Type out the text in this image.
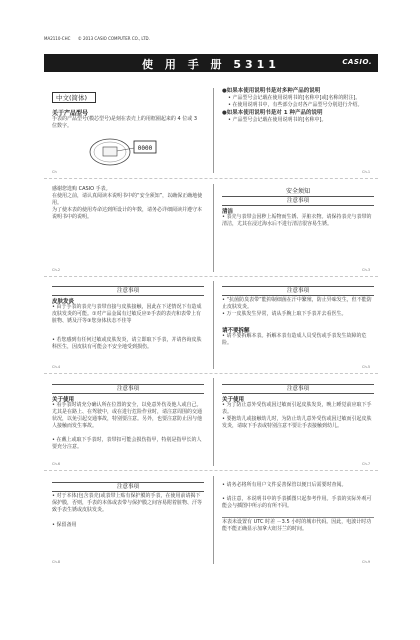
MA2110-CHC © 2013 CASIO COMPUTER CO., LTD.
使 用 手 册 5311	CASIO.
中文(简体)
关于产品型号
手表的产品型号(模芯型号)是刻在表壳上的用框圈起来的 4 位或 3 位数字。
0000
●如果本使用说明书是对多种产品的说明
• 产品型号会记载在使用说明书的[名称中]或[名称的附注]。
• 在使用说明书中，有些部分会对各产品型号分别进行介绍。
●如果本使用说明书是对 1 种产品的说明
• 产品型号会记载在使用说明书的[名称中]。
Ch	Ch-1
感谢您选购 CASIO 手表。
在使用之前，请认真阅读本说明书中的“安全须知”，以确保正确地使用。
为了使本表的使用寿命达到所设计的年数，请务必详细阅读并遵守本说明书中的说明。
安全须知
注意事项
清洁
• 表壳与表带会因秽上垢物而生锈、弄脏衣物。请保持表壳与表带的清洁，尤其在浸过海水后不进行清洁很容易生锈。
Ch-2	Ch-3
注意事项
皮肤发炎
• 由于手表的表壳与表带直接与皮肤接触，因此在下述情况下有造成皮肤发炎的可能。①对产品金属有过敏反应②手表的表壳和表带上有脏物、锈及汗等③您身体状态不佳等
• 若您感到有任何过敏或皮肤发炎，请立即取下手表，并请咨询皮肤科医生，因皮肤有可能会不安全地受到损伤。
注意事项
• “抗菌防臭表带”能抑制细菌在汗中繁殖，防止异味发生，但不能防止皮肤发炎。
• 万一皮肤发生异常，请从手腕上取下手表并去看医生。
请不要拆解
• 请不要拆解本表。拆解本表有造成人员受伤或手表发生故障的危险。
Ch-4	Ch-5
注意事项
关于使用
• 看手表时请充分确认所在位置的安全，以免意外伤及他人或自己。尤其是在路上、在驾驶中，或在进行危险作业时，请注意周围的交通状况，以免引起交通事故，特别要注意。另外，也要注意防止因与他人接触而发生事故。
• 在戴上或取下手表时，表带扣可能会损伤指甲，特别是指甲长的人要充分注意。
注意事项
关于使用
• 为了防止意外受伤或因过敏而引起皮肤发炎，晚上睡觉前应取下手表。
• 要抱幼儿或接触幼儿时，为防止幼儿意外受伤或因过敏而引起皮肤发炎，请取下手表或特别注意不要让手表接触到幼儿。
Ch-6	Ch-7
注意事项
• 对于本体(包含表壳)或表带上贴有保护膜的手表，在使用前请揭下保护膜，否则，手表的本体或表带与保护膜之间容易附着脏物、汗等致手表生锈或皮肤发炎。
• 保留备用
• 请务必将所有用户文件妥善保管以便日后需要时查阅。
• 请注意，本说明书中的手表插图只起参考作用。手表的实际外观可能会与插图中所示的有所不同。
本表未设置有 UTC 时差 －3.5 小时的城市代码。因此，电波计时功能不能正确显示加拿大纽芬兰的时间。
Ch-8	Ch-9
